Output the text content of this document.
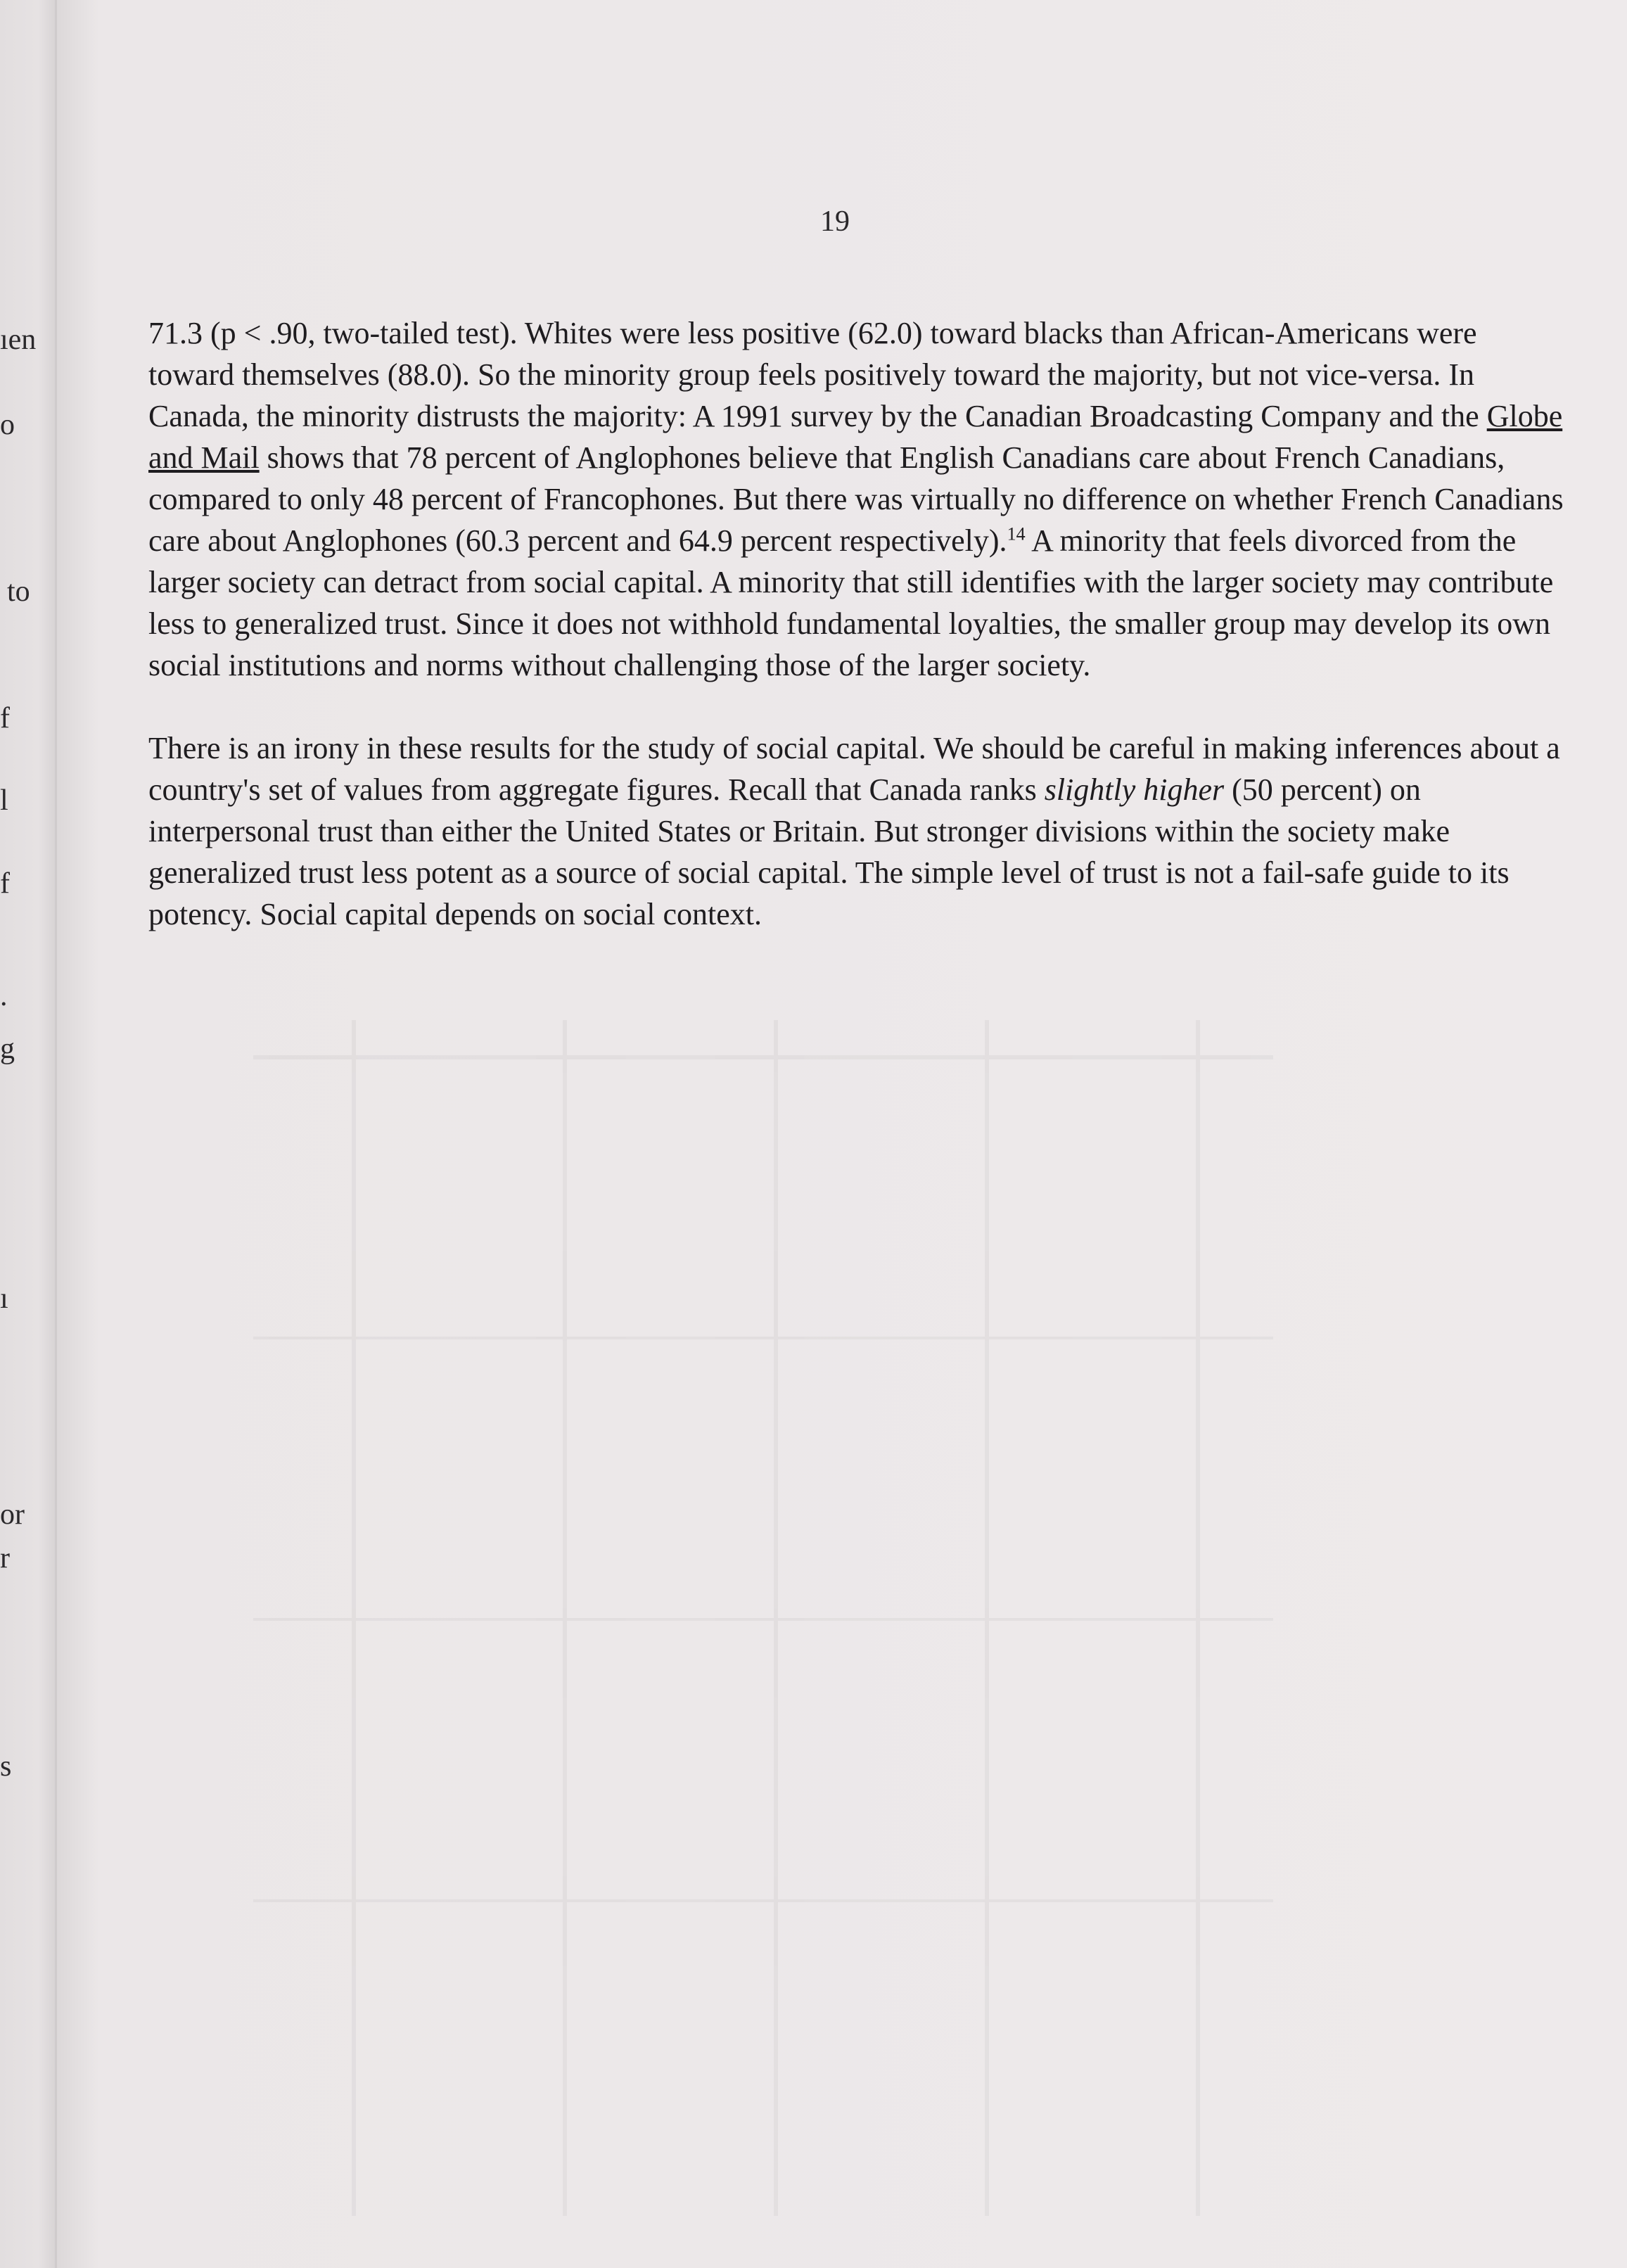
ıen
o
to
f
l
f
.
g
ı
or
r
s
19

71.3 (p < .90, two-tailed test). Whites were less positive (62.0) toward blacks than African-Americans were toward themselves (88.0). So the minority group feels positively toward the majority, but not vice-versa. In Canada, the minority distrusts the majority: A 1991 survey by the Canadian Broadcasting Company and the Globe and Mail shows that 78 percent of Anglophones believe that English Canadians care about French Canadians, compared to only 48 percent of Francophones. But there was virtually no difference on whether French Canadians care about Anglophones (60.3 percent and 64.9 percent respectively).$^{14}$ A minority that feels divorced from the larger society can detract from social capital. A minority that still identifies with the larger society may contribute less to generalized trust. Since it does not withhold fundamental loyalties, the smaller group may develop its own social institutions and norms without challenging those of the larger society.

There is an irony in these results for the study of social capital. We should be careful in making inferences about a country's set of values from aggregate figures. Recall that Canada ranks slightly higher (50 percent) on interpersonal trust than either the United States or Britain. But stronger divisions within the society make generalized trust less potent as a source of social capital. The simple level of trust is not a fail-safe guide to its potency. Social capital depends on social context.
